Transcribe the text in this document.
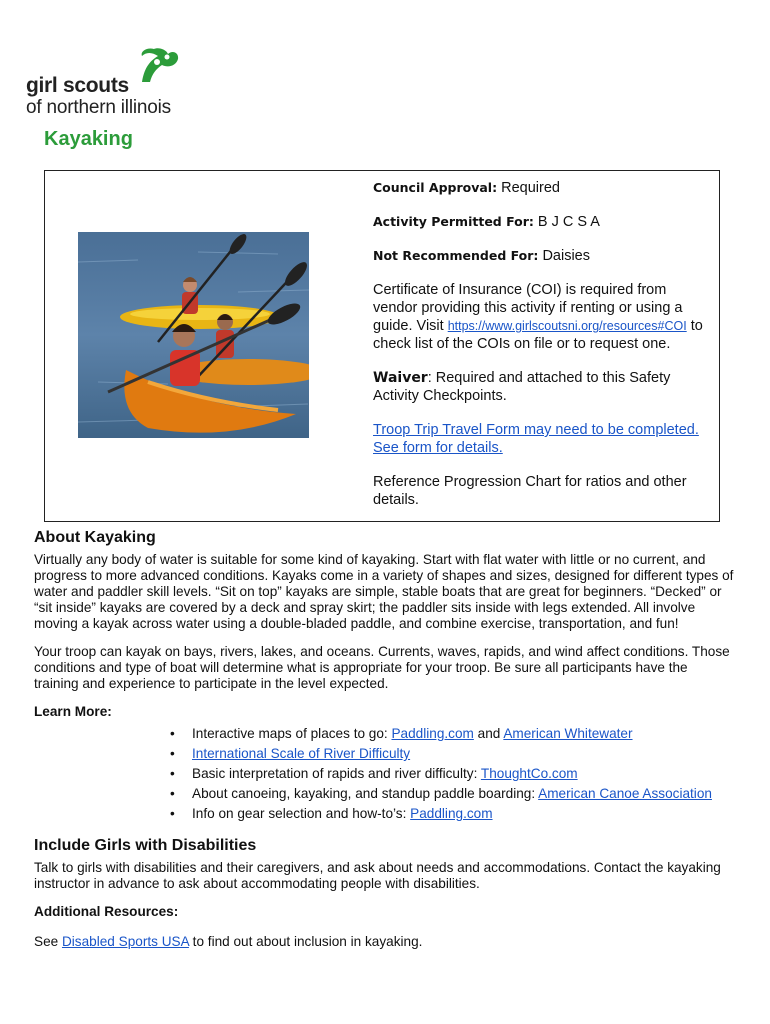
girl scouts
of northern illinois
Kayaking

Council Approval: Required

Activity Permitted For: B J C S A

Not Recommended For: Daisies

Certificate of Insurance (COI) is required from vendor providing this activity if renting or using a guide. Visit https://www.girlscoutsni.org/resources#COI to check list of the COIs on file or to request one.

Waiver: Required and attached to this Safety Activity Checkpoints.

Troop Trip Travel Form may need to be completed. See form for details.

Reference Progression Chart for ratios and other details.

About Kayaking

Virtually any body of water is suitable for some kind of kayaking. Start with flat water with little or no current, and progress to more advanced conditions. Kayaks come in a variety of shapes and sizes, designed for different types of water and paddler skill levels. “Sit on top” kayaks are simple, stable boats that are great for beginners. “Decked” or “sit inside” kayaks are covered by a deck and spray skirt; the paddler sits inside with legs extended. All involve moving a kayak across water using a double-bladed paddle, and combine exercise, transportation, and fun!

Your troop can kayak on bays, rivers, lakes, and oceans. Currents, waves, rapids, and wind affect conditions. Those conditions and type of boat will determine what is appropriate for your troop. Be sure all participants have the training and experience to participate in the level expected.

Learn More:

• Interactive maps of places to go: Paddling.com and American Whitewater
• International Scale of River Difficulty
• Basic interpretation of rapids and river difficulty: ThoughtCo.com
• About canoeing, kayaking, and standup paddle boarding: American Canoe Association
• Info on gear selection and how-to’s: Paddling.com
Include Girls with Disabilities

Talk to girls with disabilities and their caregivers, and ask about needs and accommodations. Contact the kayaking instructor in advance to ask about accommodating people with disabilities.

Additional Resources:

See Disabled Sports USA to find out about inclusion in kayaking.
